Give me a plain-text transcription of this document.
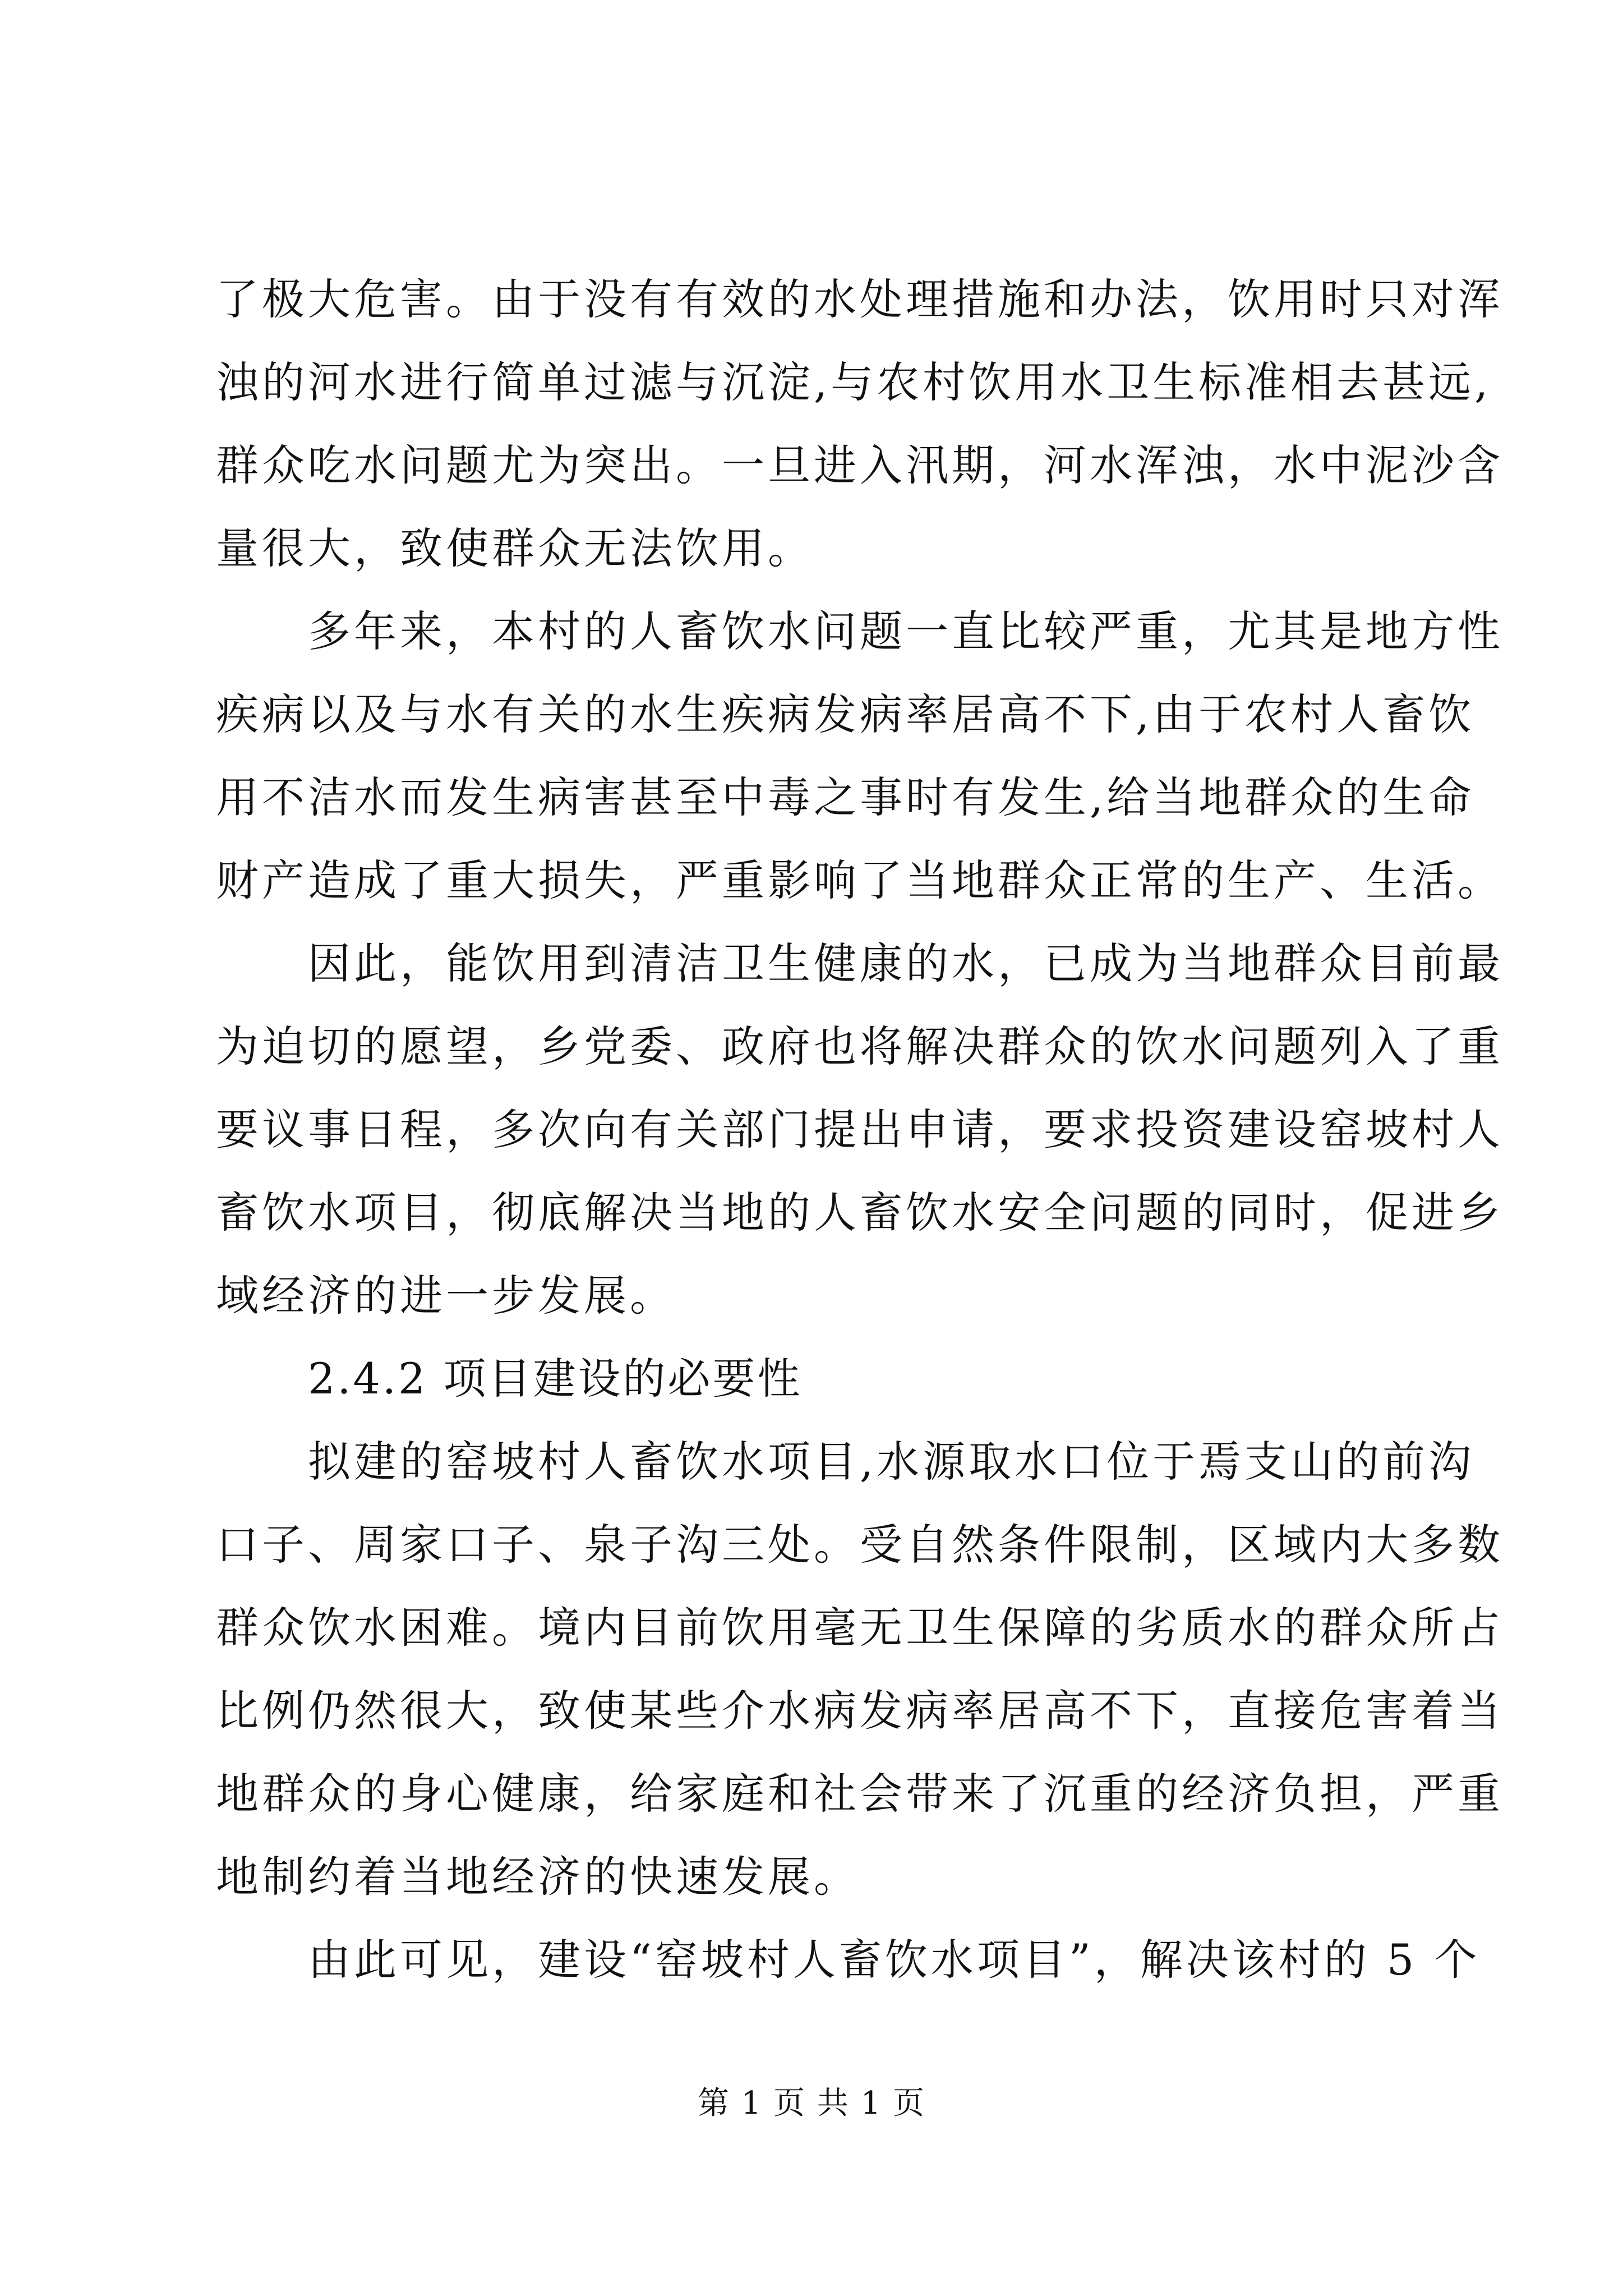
了极大危害。由于没有有效的水处理措施和办法，饮用时只对浑
浊的河水进行简单过滤与沉淀,与农村饮用水卫生标准相去甚远,
群众吃水问题尤为突出。一旦进入汛期，河水浑浊，水中泥沙含
量很大，致使群众无法饮用。

多年来，本村的人畜饮水问题一直比较严重，尤其是地方性
疾病以及与水有关的水生疾病发病率居高不下,由于农村人畜饮
用不洁水而发生病害甚至中毒之事时有发生,给当地群众的生命
财产造成了重大损失，严重影响了当地群众正常的生产、生活。

因此，能饮用到清洁卫生健康的水，已成为当地群众目前最
为迫切的愿望，乡党委、政府也将解决群众的饮水问题列入了重
要议事日程，多次向有关部门提出申请，要求投资建设窑坡村人
畜饮水项目，彻底解决当地的人畜饮水安全问题的同时，促进乡
域经济的进一步发展。

2.4.2 项目建设的必要性

拟建的窑坡村人畜饮水项目,水源取水口位于焉支山的前沟
口子、周家口子、泉子沟三处。受自然条件限制，区域内大多数
群众饮水困难。境内目前饮用毫无卫生保障的劣质水的群众所占
比例仍然很大，致使某些介水病发病率居高不下，直接危害着当
地群众的身心健康，给家庭和社会带来了沉重的经济负担，严重
地制约着当地经济的快速发展。

由此可见，建设“窑坡村人畜饮水项目”，解决该村的 5 个

第 1 页 共 1 页
